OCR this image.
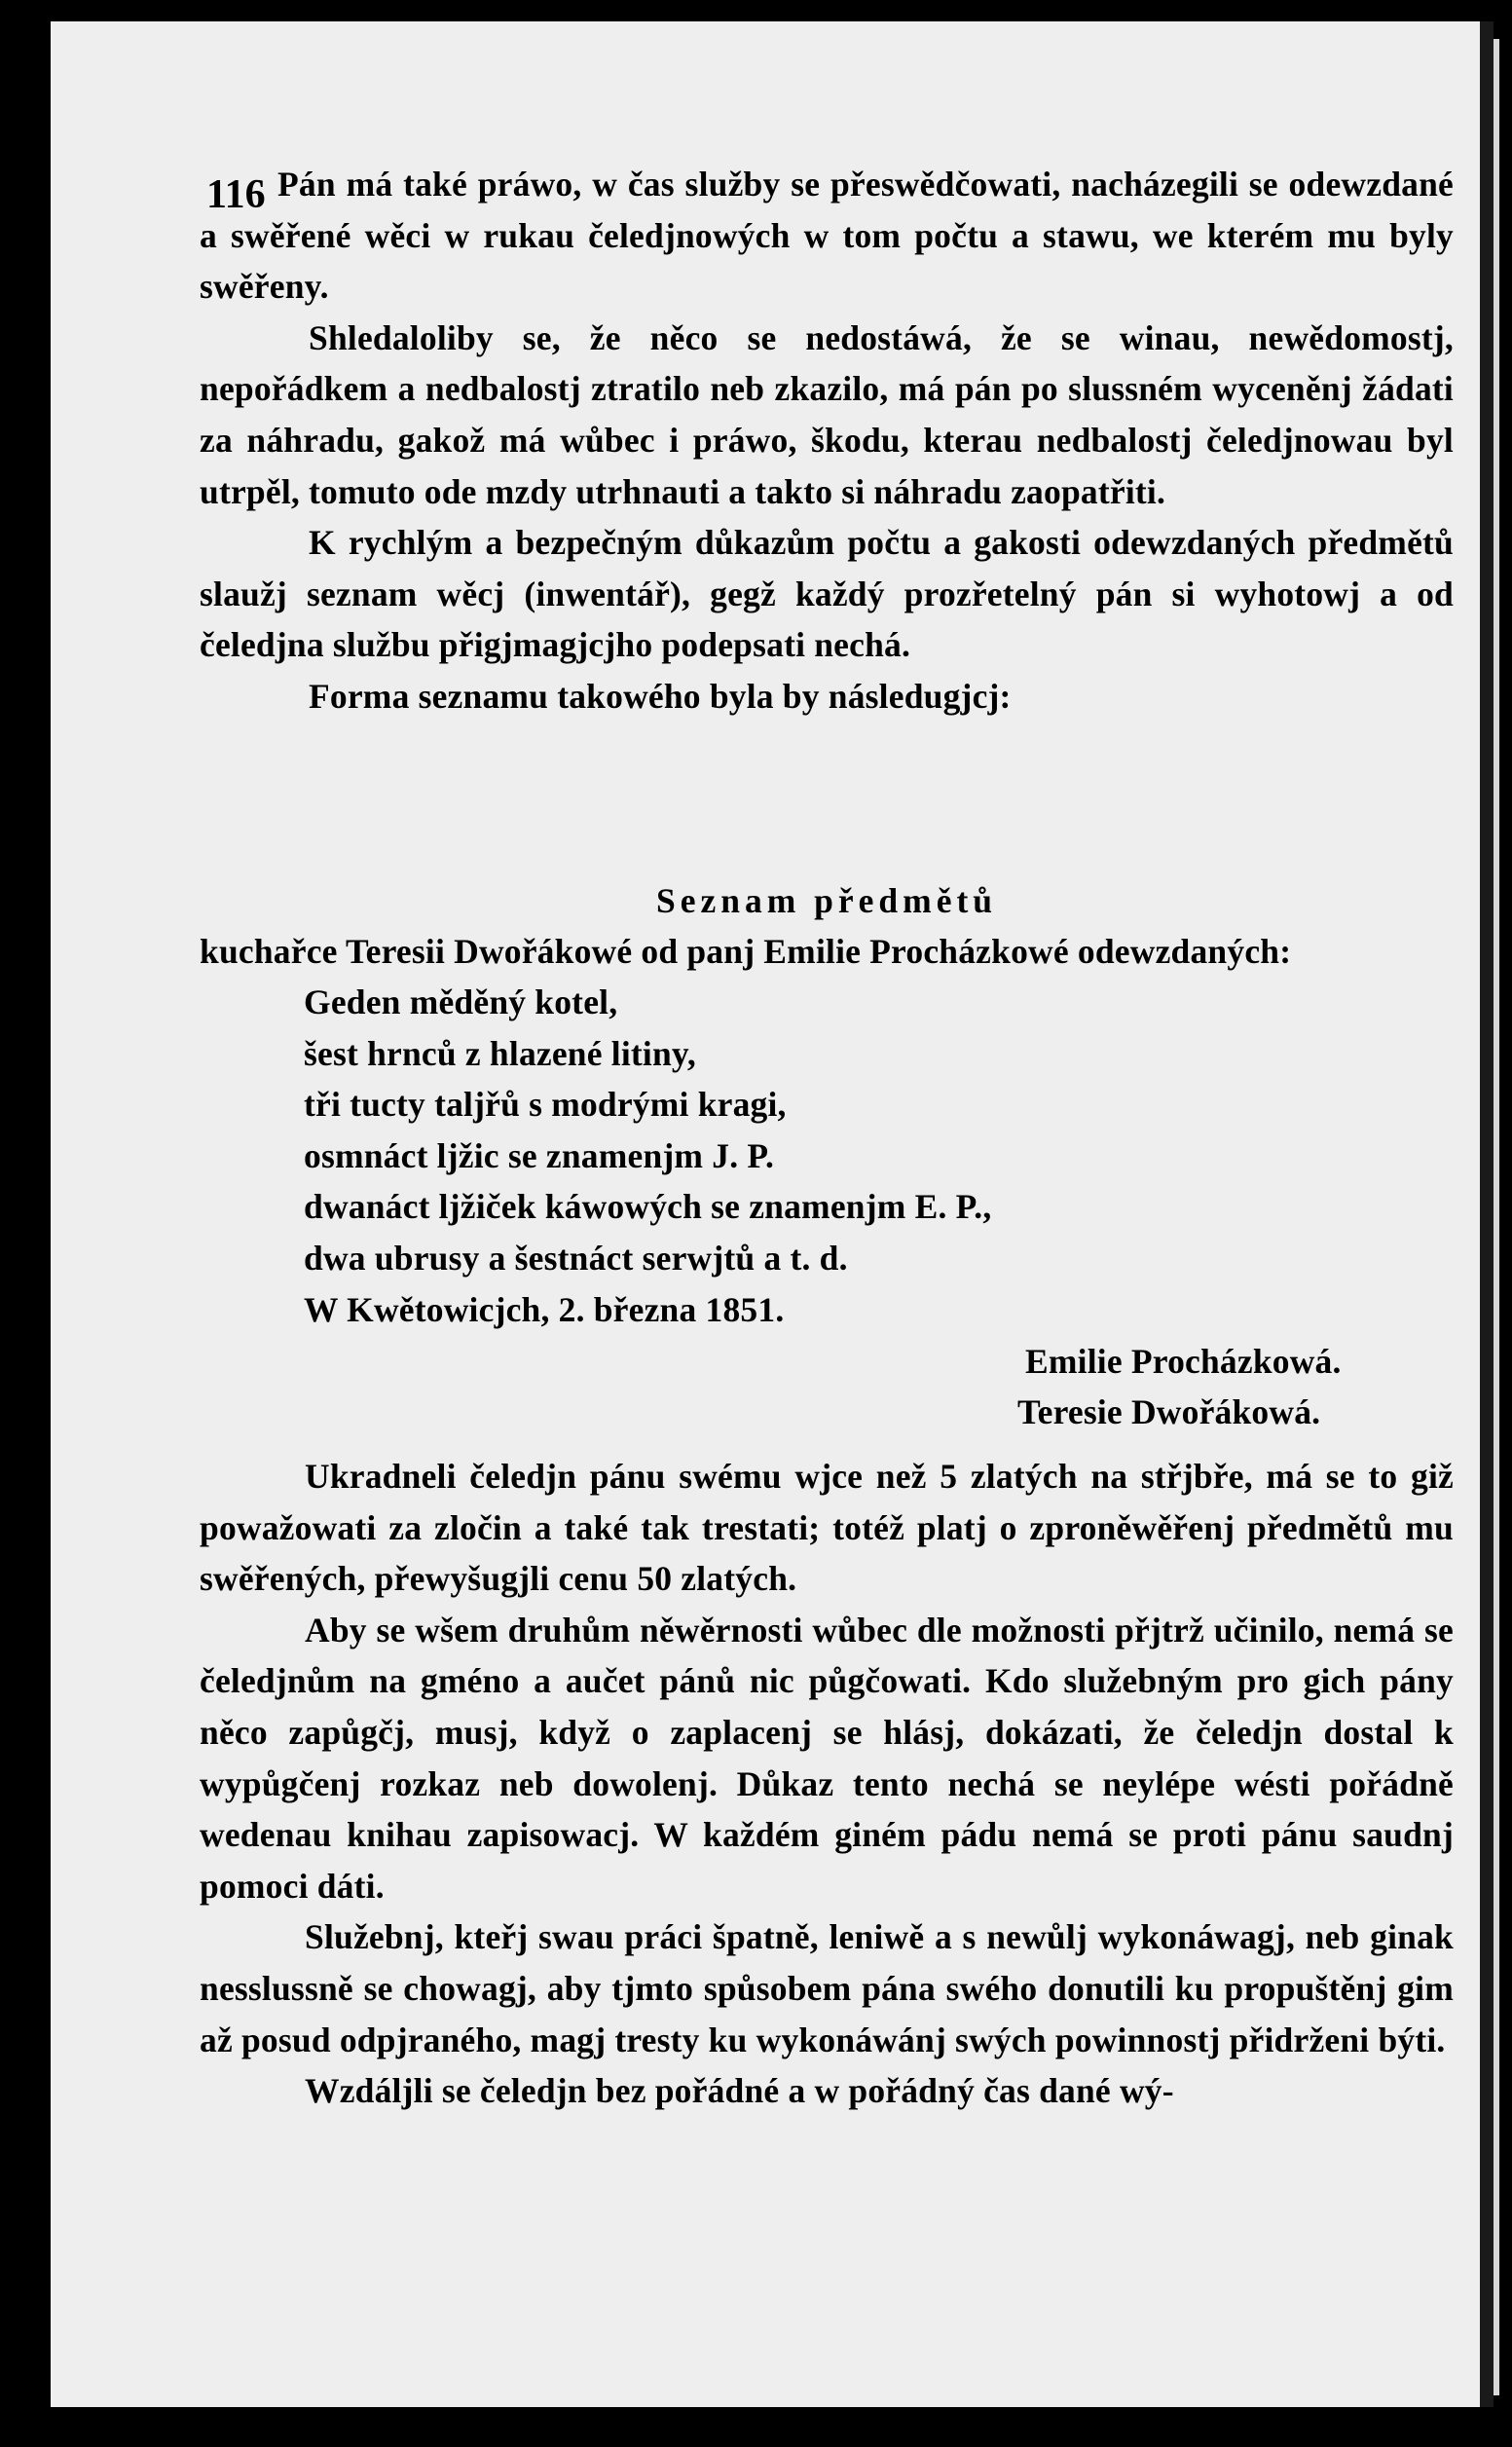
116 Pán má také práwo, w čas služby se přeswědčowati, nacházegili se odewzdané a swěřené wěci w rukau čeledjnowých w tom počtu a stawu, we kterém mu byly swěřeny.

Shledaloliby se, že něco se nedostáwá, že se winau, newědomostj, nepořádkem a nedbalostj ztratilo neb zkazilo, má pán po slussném wyceněnj žádati za náhradu, gakož má wůbec i práwo, škodu, kterau nedbalostj čeledjnowau byl utrpěl, tomuto ode mzdy utrhnauti a takto si náhradu zaopatřiti.

K rychlým a bezpečným důkazům počtu a gakosti odewzdaných předmětů slaužj seznam wěcj (inwentář), gegž každý prozřetelný pán si wyhotowj a od čeledjna službu přigjmagjcjho podepsati nechá.

Forma seznamu takowého byla by následugjcj:

Seznam předmětů
kuchařce Teresii Dwořákowé od panj Emilie Procházkowé odewzdaných:
Geden měděný kotel,
šest hrnců z hlazené litiny,
tři tucty taljřů s modrými kragi,
osmnáct ljžic se znamenjm J. P.
dwanáct ljžiček káwowých se znamenjm E. P.,
dwa ubrusy a šestnáct serwjtů a t. d.
W Kwětowicjch, 2. března 1851.
Emilie Procházkowá.
Teresie Dwořákowá.

Ukradneli čeledjn pánu swému wjce než 5 zlatých na střjbře, má se to giž powažowati za zločin a také tak trestati; totéž platj o zproněwěřenj předmětů mu swěřených, přewyšugjli cenu 50 zlatých.

Aby se wšem druhům něwěrnosti wůbec dle možnosti přjtrž učinilo, nemá se čeledjnům na gméno a aučet pánů nic půgčowati. Kdo služebným pro gich pány něco zapůgčj, musj, když o zaplacenj se hlásj, dokázati, že čeledjn dostal k wypůgčenj rozkaz neb dowolenj. Důkaz tento nechá se neylépe wésti pořádně wedenau knihau zapisowacj. W každém giném pádu nemá se proti pánu saudnj pomoci dáti.

Služebnj, kteřj swau práci špatně, leniwě a s newůlj wykonáwagj, neb ginak nesslussně se chowagj, aby tjmto spůsobem pána swého donutili ku propuštěnj gim až posud odpjraného, magj tresty ku wykonáwánj swých powinnostj přidrženi býti.

Wzdáljli se čeledjn bez pořádné a w pořádný čas dané wý-
